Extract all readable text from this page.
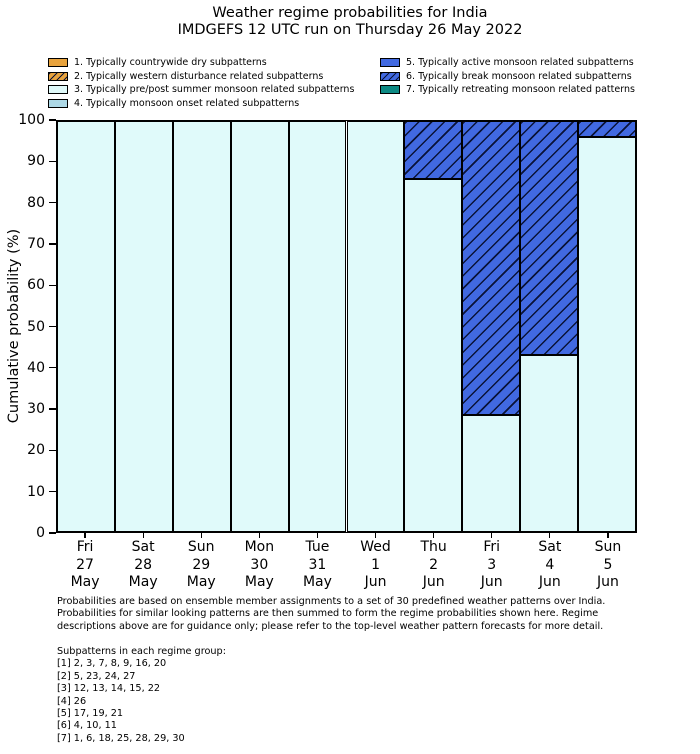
Weather regime probabilities for India
IMDGEFS 12 UTC run on Thursday 26 May 2022
1. Typically countrywide dry subpatterns
2. Typically western disturbance related subpatterns
3. Typically pre/post summer monsoon related subpatterns
4. Typically monsoon onset related subpatterns
5. Typically active monsoon related subpatterns
6. Typically break monsoon related subpatterns
7. Typically retreating monsoon related patterns
Cumulative probability (%)
0
10
20
30
40
50
60
70
80
90
100
Fri
27
May
Sat
28
May
Sun
29
May
Mon
30
May
Tue
31
May
Wed
1
Jun
Thu
2
Jun
Fri
3
Jun
Sat
4
Jun
Sun
5
Jun
Probabilities are based on ensemble member assignments to a set of 30 predefined weather patterns over India.
Probabilities for similar looking patterns are then summed to form the regime probabilities shown here. Regime
descriptions above are for guidance only; please refer to the top-level weather pattern forecasts for more detail.
Subpatterns in each regime group:
[1] 2, 3, 7, 8, 9, 16, 20
[2] 5, 23, 24, 27
[3] 12, 13, 14, 15, 22
[4] 26
[5] 17, 19, 21
[6] 4, 10, 11
[7] 1, 6, 18, 25, 28, 29, 30
